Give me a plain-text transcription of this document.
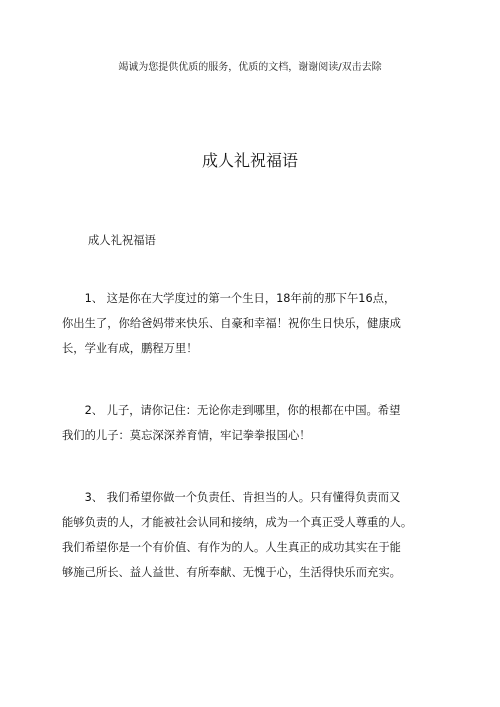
竭诚为您提供优质的服务，优质的文档，谢谢阅读/双击去除
成人礼祝福语
成人礼祝福语
　　1、 这是你在大学度过的第一个生日，18年前的那下午16点，
你出生了，你给爸妈带来快乐、自豪和幸福！祝你生日快乐，健康成
长，学业有成，鹏程万里！
　　2、 儿子，请你记住：无论你走到哪里，你的根都在中国。希望
我们的儿子：莫忘深深养育情，牢记拳拳报国心！
　　3、 我们希望你做一个负责任、肯担当的人。只有懂得负责而又
能够负责的人，才能被社会认同和接纳，成为一个真正受人尊重的人。
我们希望你是一个有价值、有作为的人。人生真正的成功其实在于能
够施己所长、益人益世、有所奉献、无愧于心，生活得快乐而充实。
